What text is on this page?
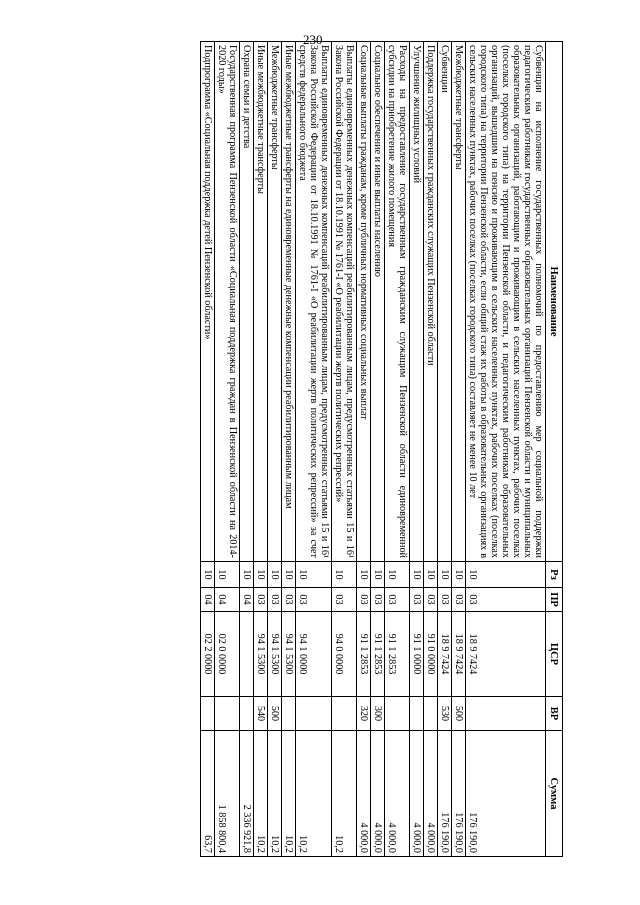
230
Наименование	Рз	ПР	ЦСР	ВР	Сумма
Субвенции на исполнение государственных полномочий по предоставлению мер социальной поддержки педагогическим работникам государственных образовательных организаций Пензенской области и муниципальных образовательных организаций, работающим и проживающим в сельских населенных пунктах, рабочих поселках (поселках городского типа) на территории Пензенской области, и педагогическим работникам образовательных организаций, вышедшим на пенсию и проживающим в сельских населенных пунктах, рабочих поселках (поселках городского типа) на территории Пензенской области, если общий стаж их работы в образовательных организациях в сельских населенных пунктах, рабочих поселках (поселках городского типа) составляет не менее 10 лет	10	03	18 9 7424		176 190,0
Межбюджетные трансферты	10	03	18 9 7424	500	176 190,0
Субвенции	10	03	18 9 7424	530	176 190,0
Поддержка государственных гражданских служащих Пензенской области	10	03	91 0 0000		4 000,0
Улучшение жилищных условий	10	03	91 1 0000		4 000,0
Расходы на предоставление государственным гражданским служащим Пензенской области единовременной субсидии на приобретение жилого помещения	10	03	91 1 2853		4 000,0
Социальное обеспечение и иные выплаты населению	10	03	91 1 2853	300	4 000,0
Социальные выплаты гражданам, кроме публичных нормативных социальных выплат	10	03	91 1 2853	320	4 000,0
Выплаты единовременных денежных компенсаций реабилитированным лицам, предусмотренных статьями 15 и 16¹ Закона Российской Федерации от 18.10.1991 № 1761-I «О реабилитации жертв политических репрессий»	10	03	94 0 0000		10,2
Выплаты единовременных денежных компенсаций реабилитированным лицам, предусмотренных статьями 15 и 16¹ Закона Российской Федерации от 18.10.1991 № 1761-I «О реабилитации жертв политических репрессий» за счет средств федерального бюджета	10	03	94 1 0000		10,2
Иные межбюджетные трансферты на единовременные денежные компенсации реабилитированным лицам	10	03	94 1 5300		10,2
Межбюджетные трансферты	10	03	94 1 5300	500	10,2
Иные межбюджетные трансферты	10	03	94 1 5300	540	10,2
Охрана семьи и детства	10	04			2 336 921,8
Государственная программа Пензенской области «Социальная поддержка граждан в Пензенской области на 2014-2020 годы»	10	04	02 0 0000		1 858 800,4
Подпрограмма «Социальная поддержка детей Пензенской области»	10	04	02 2 0000		63,7
